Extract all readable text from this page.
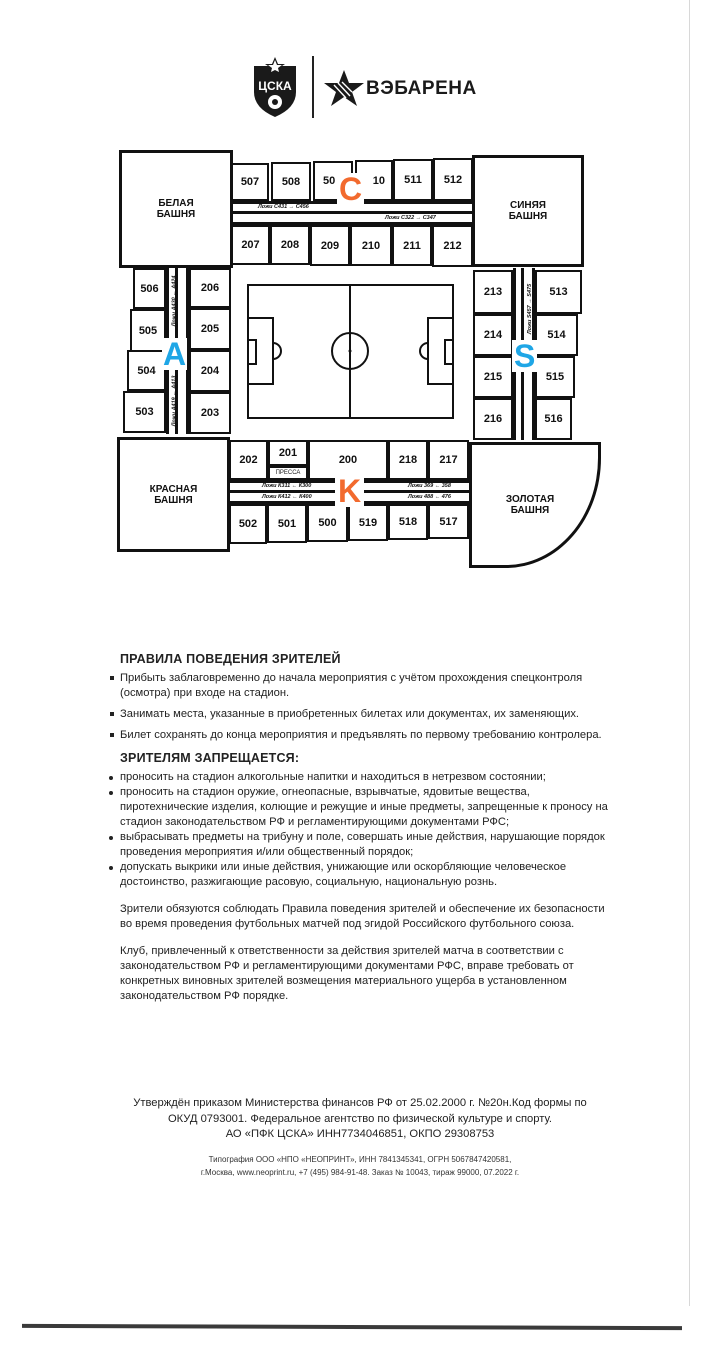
ЦСКА	ВЭБАРЕНА
БЕЛАЯ БАШНЯ
СИНЯЯ БАШНЯ
КРАСНАЯ БАШНЯ	ЗОЛОТАЯ БАШНЯ
507	508	50	10	511	512
Ложи С431 → С456
Ложи С322 → С347
207	208	209	210	211	212
C
506
505
504
503
Ложи А430 ← А424
Ложи А419 ← А413
206
205
204
203
A
213
214
215
216
Ложи S457 → S475	513
514
515
516
S
202
201
ПРЕССА
200	218	217
Ложи К311 ← К300	Ложи 369 ← 358
Ложи К412 ← К400	Ложи 488 ← 476
502	501	500	519	518	517
K
ПРАВИЛА ПОВЕДЕНИЯ ЗРИТЕЛЕЙ
Прибыть заблаговременно до начала мероприятия с учётом прохождения спецконтроля (осмотра) при входе на стадион.
Занимать места, указанные в приобретенных билетах или документах, их заменяющих.
Билет сохранять до конца мероприятия и предъявлять по первому требованию контролера.
ЗРИТЕЛЯМ ЗАПРЕЩАЕТСЯ:
проносить на стадион алкогольные напитки и находиться в нетрезвом состоянии;
проносить на стадион оружие, огнеопасные, взрывчатые, ядовитые вещества, пиротехнические изделия, колющие и режущие и иные предметы, запрещенные к проносу на стадион законодательством РФ и регламентирующими документами РФС;
выбрасывать предметы на трибуну и поле, совершать иные действия, нарушающие порядок проведения мероприятия и/или общественный порядок;
допускать выкрики или иные действия, унижающие или оскорбляющие человеческое достоинство, разжигающие расовую, социальную, национальную рознь.

Зрители обязуются соблюдать Правила поведения зрителей и обеспечение их безопасности во время проведения футбольных матчей под эгидой Российского футбольного союза.

Клуб, привлеченный к ответственности за действия зрителей матча в соответствии с законодательством РФ и регламентирующими документами РФС, вправе требовать от конкретных виновных зрителей возмещения материального ущерба в установленном законодательством РФ порядке.

Утверждён приказом Министерства финансов РФ от 25.02.2000 г. №20н.Код формы по
ОКУД 0793001. Федеральное агентство по физической культуре и спорту.
АО «ПФК ЦСКА» ИНН7734046851, ОКПО 29308753
Типография ООО «НПО «НЕОПРИНТ», ИНН 7841345341, ОГРН 5067847420581,
г.Москва, www.neoprint.ru, +7 (495) 984-91-48. Заказ № 10043, тираж 99000, 07.2022 г.
